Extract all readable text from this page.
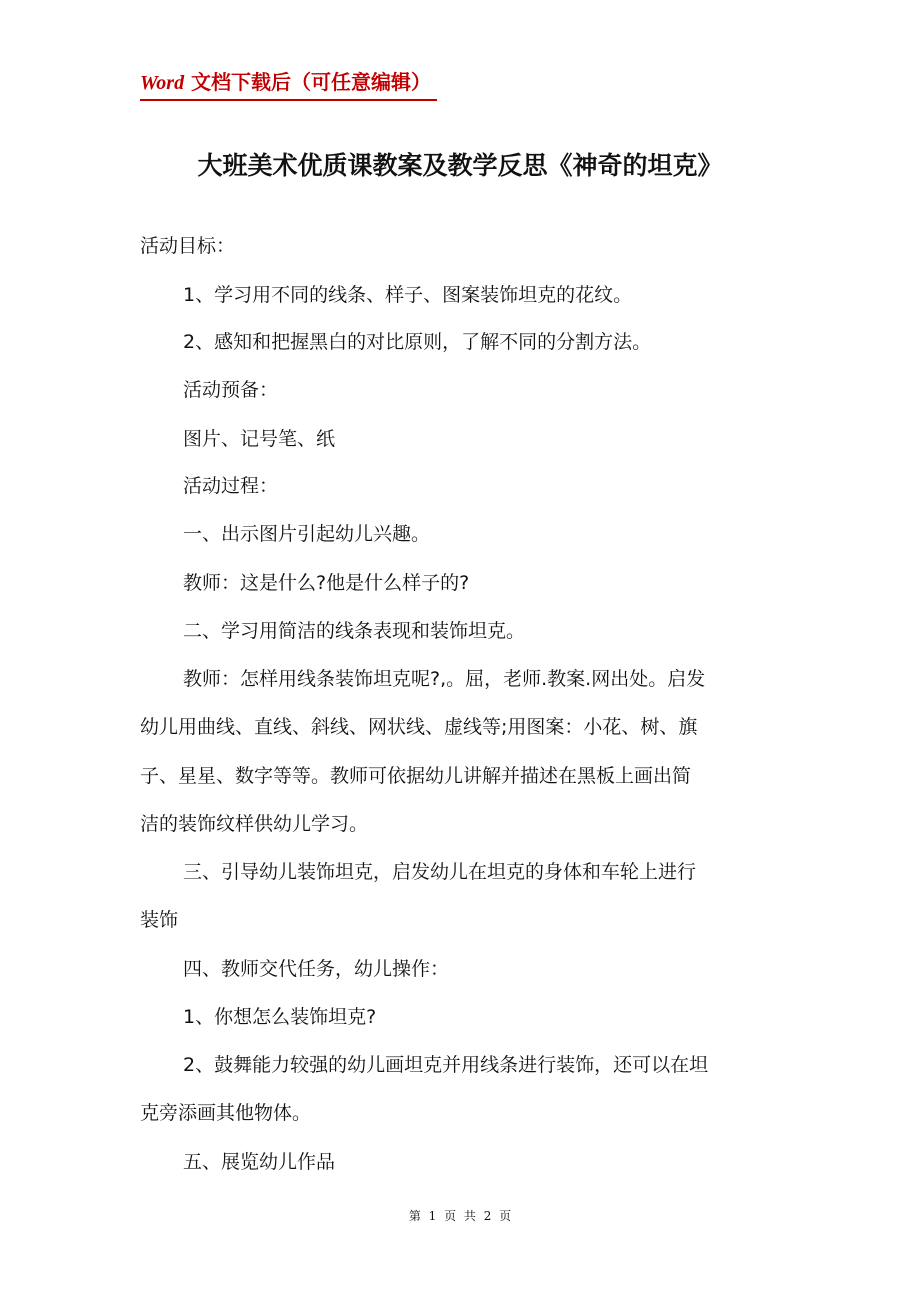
Word 文档下载后（可任意编辑）
大班美术优质课教案及教学反思《神奇的坦克》
活动目标：
1、学习用不同的线条、样子、图案装饰坦克的花纹。
2、感知和把握黑白的对比原则，了解不同的分割方法。
活动预备：
图片、记号笔、纸
活动过程：
一、出示图片引起幼儿兴趣。
教师：这是什么?他是什么样子的?
二、学习用简洁的线条表现和装饰坦克。
教师：怎样用线条装饰坦克呢?,。屈，老师.教案.网出处。启发
幼儿用曲线、直线、斜线、网状线、虚线等;用图案：小花、树、旗
子、星星、数字等等。教师可依据幼儿讲解并描述在黑板上画出简
洁的装饰纹样供幼儿学习。
三、引导幼儿装饰坦克，启发幼儿在坦克的身体和车轮上进行
装饰
四、教师交代任务，幼儿操作：
1、你想怎么装饰坦克?
2、鼓舞能力较强的幼儿画坦克并用线条进行装饰，还可以在坦
克旁添画其他物体。
五、展览幼儿作品
第 1 页 共 2 页
